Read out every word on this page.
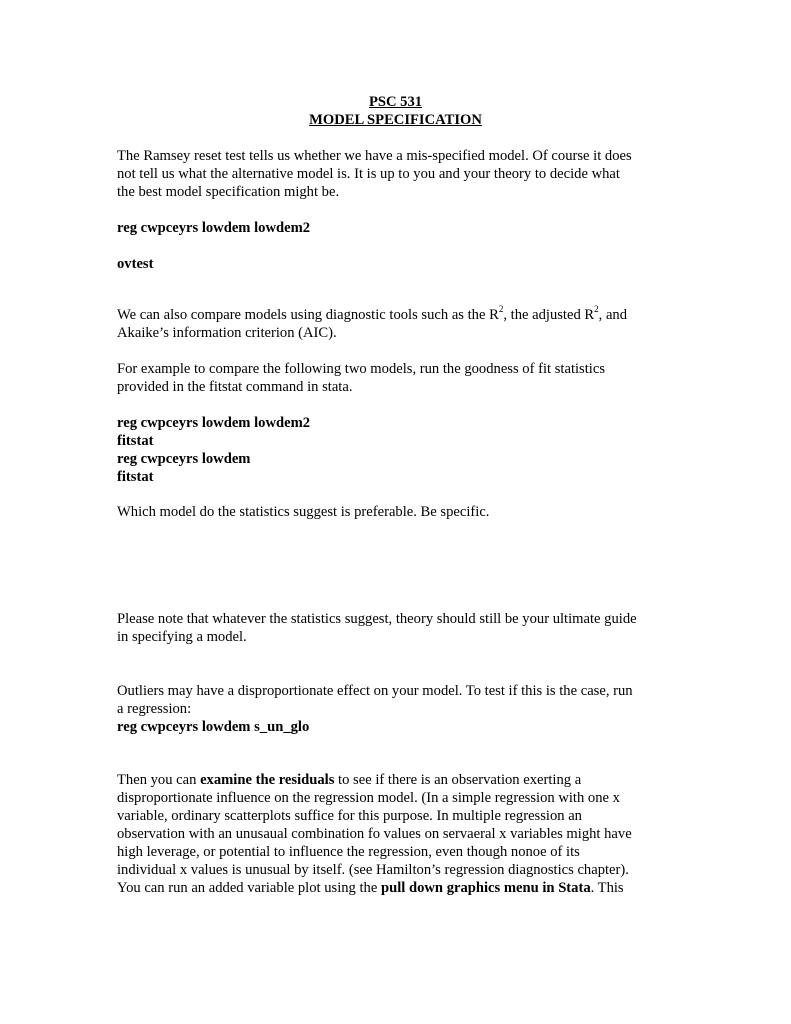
PSC 531
MODEL SPECIFICATION
The Ramsey reset test tells us whether we have a mis-specified model. Of course it does
not tell us what the alternative model is. It is up to you and your theory to decide what
the best model specification might be.
reg cwpceyrs lowdem lowdem2
ovtest
We can also compare models using diagnostic tools such as the $R^2$, the adjusted $R^2$, and
Akaike’s information criterion (AIC).
For example to compare the following two models, run the goodness of fit statistics
provided in the fitstat command in stata.
reg cwpceyrs lowdem lowdem2
fitstat
reg cwpceyrs lowdem
fitstat
Which model do the statistics suggest is preferable. Be specific.
Please note that whatever the statistics suggest, theory should still be your ultimate guide
in specifying a model.
Outliers may have a disproportionate effect on your model. To test if this is the case, run
a regression:
reg cwpceyrs lowdem s_un_glo
Then you can examine the residuals to see if there is an observation exerting a
disproportionate influence on the regression model. (In a simple regression with one x
variable, ordinary scatterplots suffice for this purpose. In multiple regression an
observation with an unusaual combination fo values on servaeral x variables might have
high leverage, or potential to influence the regression, even though nonoe of its
individual x values is unusual by itself. (see Hamilton’s regression diagnostics chapter).
You can run an added variable plot using the pull down graphics menu in Stata. This
